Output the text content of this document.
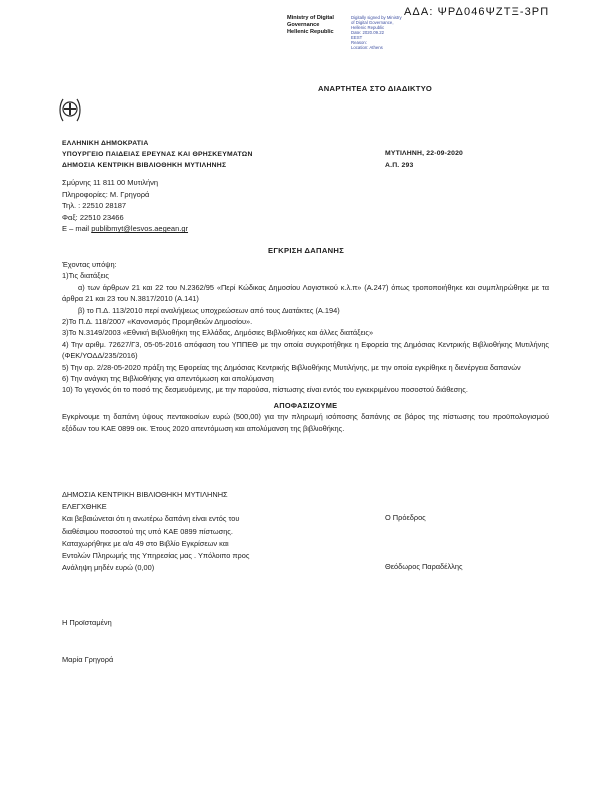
ΑΔΑ: ΨΡΔ046ΨΖΤΞ-3ΡΠ
Ministry of Digital
Governance
Hellenic Republic
Digitally signed by Ministry
of Digital Governance,
Hellenic Republic
Date: 2020.09.22
EEST
Reason:
Location: Athens
ΑΝΑΡΤΗΤΕΑ ΣΤΟ ΔΙΑΔΙΚΤΥΟ
ΕΛΛΗΝΙΚΗ ΔΗΜΟΚΡΑΤΙΑ
ΥΠΟΥΡΓΕΙΟ ΠΑΙΔΕΙΑΣ ΕΡΕΥΝΑΣ ΚΑΙ ΘΡΗΣΚΕΥΜΑΤΩΝ
ΔΗΜΟΣΙΑ ΚΕΝΤΡΙΚΗ ΒΙΒΛΙΟΘΗΚΗ ΜΥΤΙΛΗΝΗΣ
ΜΥΤΙΛΗΝΗ, 22-09-2020
Α.Π. 293
Σμύρνης 11 811 00 Μυτιλήνη
Πληροφορίες: Μ. Γρηγορά
Τηλ. : 22510 28187
Φαξ: 22510 23466
E – mail publibmyt@lesvos.aegean.gr
ΕΓΚΡΙΣΗ ΔΑΠΑΝΗΣ
Έχοντας υπόψη:
1)Τις διατάξεις
α) των άρθρων 21 και 22 του Ν.2362/95 «Περί Κώδικας Δημοσίου Λογιστικού κ.λ.π» (Α.247) όπως τροποποιήθηκε και συμπληρώθηκε με τα άρθρα 21 και 23 του Ν.3817/2010 (Α.141)
β) το Π.Δ. 113/2010 περί αναλήψεως υποχρεώσεων από τους Διατάκτες (Α.194)
2)Το Π.Δ. 118/2007 «Κανονισμός Προμηθειών Δημοσίου».
3)Το Ν.3149/2003 «Εθνική Βιβλιοθήκη της Ελλάδας, Δημόσιες Βιβλιοθήκες και άλλες διατάξεις»
4) Την αριθμ. 72627/Γ3, 05-05-2016 απόφαση του ΥΠΠΕΘ με την οποία συγκροτήθηκε η Εφορεία της Δημόσιας Κεντρικής Βιβλιοθήκης Μυτιλήνης (ΦΕΚ/ΥΟΔΔ/235/2016)
5) Την αρ. 2/28-05-2020 πράξη της Εφορείας της Δημόσιας Κεντρικής Βιβλιοθήκης Μυτιλήνης, με την οποία εγκρίθηκε η διενέργεια δαπανών
6) Την ανάγκη της Βιβλιοθήκης για απεντόμωση και απολύμανση
10) Το γεγονός ότι το ποσό της δεσμευόμενης, με την παρούσα, πίστωσης είναι εντός του εγκεκριμένου ποσοστού διάθεσης.
ΑΠΟΦΑΣΙΖΟΥΜΕ
Εγκρίνουμε τη δαπάνη ύψους πεντακοσίων ευρώ (500,00) για την πληρωμή ισόποσης δαπάνης σε βάρος της πίστωσης του προϋπολογισμού εξόδων του ΚΑΕ 0899 οικ. Έτους 2020 απεντόμωση και απολύμανση της βιβλιοθήκης.
ΔΗΜΟΣΙΑ ΚΕΝΤΡΙΚΗ ΒΙΒΛΙΟΘΗΚΗ ΜΥΤΙΛΗΝΗΣ
ΕΛΕΓΧΘΗΚΕ
Και βεβαιώνεται ότι η ανωτέρω δαπάνη είναι εντός του
διαθέσιμου ποσοστού της υπό ΚΑΕ 0899 πίστωσης.
Καταχωρήθηκε με α/α 49 στο Βιβλίο Εγκρίσεων και
Εντολών Πληρωμής της Υπηρεσίας μας . Υπόλοιπο προς
Ανάληψη μηδέν ευρώ (0,00)
Ο Πρόεδρος
Θεόδωρος Παραδέλλης
Η Προϊσταμένη
Μαρία Γρηγορά
